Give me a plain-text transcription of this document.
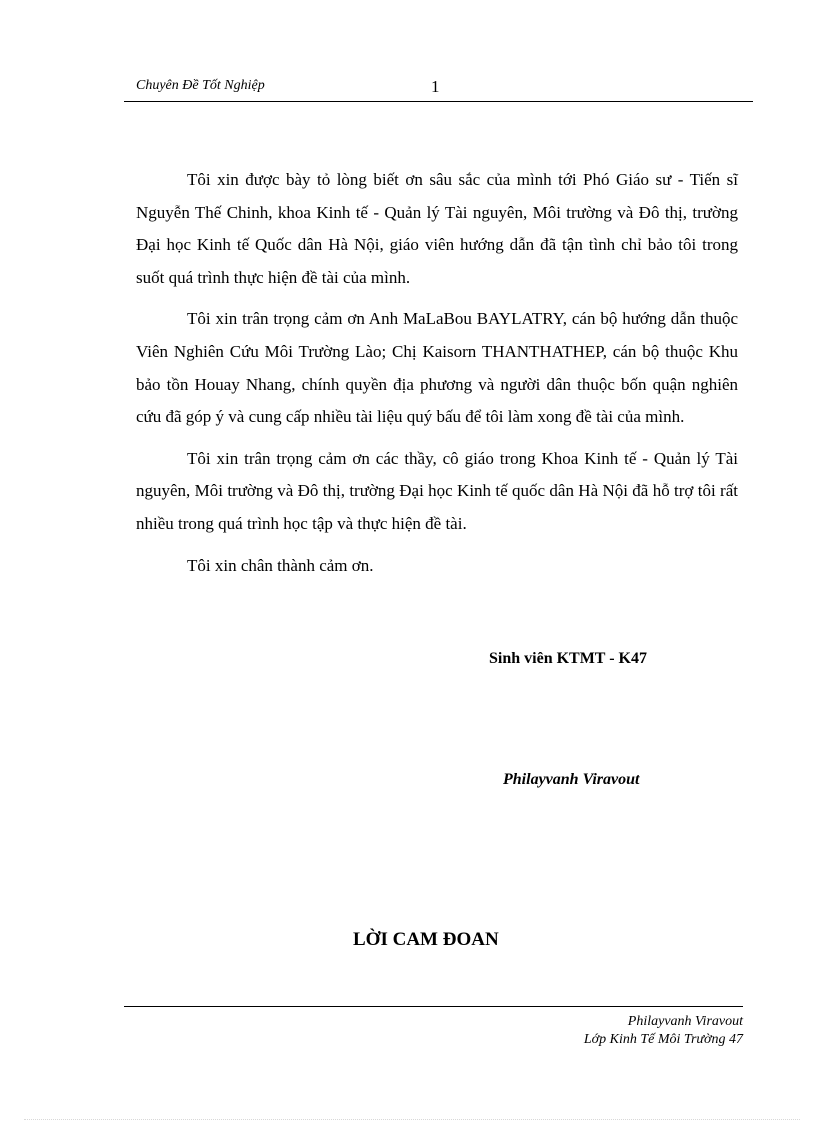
Chuyên Đề Tốt Nghiệp	1

Tôi xin được bày tỏ lòng biết ơn sâu sắc của mình tới Phó Giáo sư - Tiến sĩ Nguyễn Thế Chinh, khoa Kinh tế - Quản lý Tài nguyên, Môi trường và Đô thị, trường Đại học Kinh tế Quốc dân Hà Nội, giáo viên hướng dẫn đã tận tình chỉ bảo tôi trong suốt quá trình thực hiện đề tài của mình.

Tôi xin trân trọng cảm ơn Anh MaLaBou BAYLATRY, cán bộ hướng dẫn thuộc Viên Nghiên Cứu Môi Trường Lào; Chị Kaisorn THANTHATHEP, cán bộ thuộc Khu bảo tồn Houay Nhang, chính quyền địa phương và người dân thuộc bốn quận nghiên cứu đã góp ý và cung cấp nhiều tài liệu quý bấu để tôi làm xong đề tài của mình.

Tôi xin trân trọng cảm ơn các thầy, cô giáo trong Khoa Kinh tế - Quản lý Tài nguyên, Môi trường và Đô thị, trường Đại học Kinh tế quốc dân Hà Nội đã hỗ trợ tôi rất nhiều trong quá trình học tập và thực hiện đề tài.

Tôi xin chân thành cảm ơn.

Sinh viên KTMT - K47
Philayvanh Viravout
LỜI CAM ĐOAN
Philayvanh Viravout
Lớp Kinh Tế Môi Trường 47
